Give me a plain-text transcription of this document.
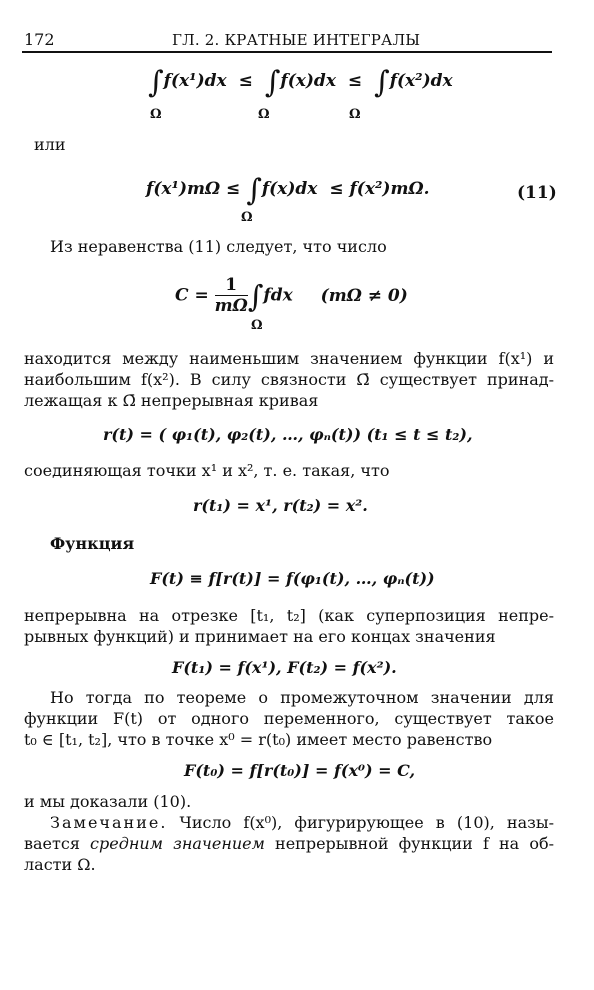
172	ГЛ. 2. КРАТНЫЕ ИНТЕГРАЛЫ
∫f(x¹)dx ≤ ∫f(x)dx ≤ ∫f(x²)dx
Ω	Ω	Ω
или
f(x¹)mΩ ≤ ∫f(x)dx ≤ f(x²)mΩ.
Ω
(11)
Из неравенства (11) следует, что число
$C = \frac{1}{m\Omega} \int fdx$ (mΩ ≠ 0)
Ω
находится между наименьшим значением функции f(x¹) и
наибольшим f(x²). В силу связности Ω̄ существует принад-
лежащая к Ω̄ непрерывная кривая
r(t) = ( φ₁(t), φ₂(t), …, φₙ(t)) (t₁ ≤ t ≤ t₂),
соединяющая точки x¹ и x², т. е. такая, что
r(t₁) = x¹, r(t₂) = x².
Функция
F(t) ≡ f[r(t)] = f(φ₁(t), …, φₙ(t))
непрерывна на отрезке [t₁, t₂] (как суперпозиция непре-
рывных функций) и принимает на его концах значения
F(t₁) = f(x¹), F(t₂) = f(x²).
Но тогда по теореме о промежуточном значении для
функции F(t) от одного переменного, существует такое
t₀ ∈ [t₁, t₂], что в точке x⁰ = r(t₀) имеет место равенство
F(t₀) = f[r(t₀)] = f(x⁰) = C,
и мы доказали (10).
Замечание. Число f(x⁰), фигурирующее в (10), назы-
вается средним значением непрерывной функции f на об-
ласти Ω.
